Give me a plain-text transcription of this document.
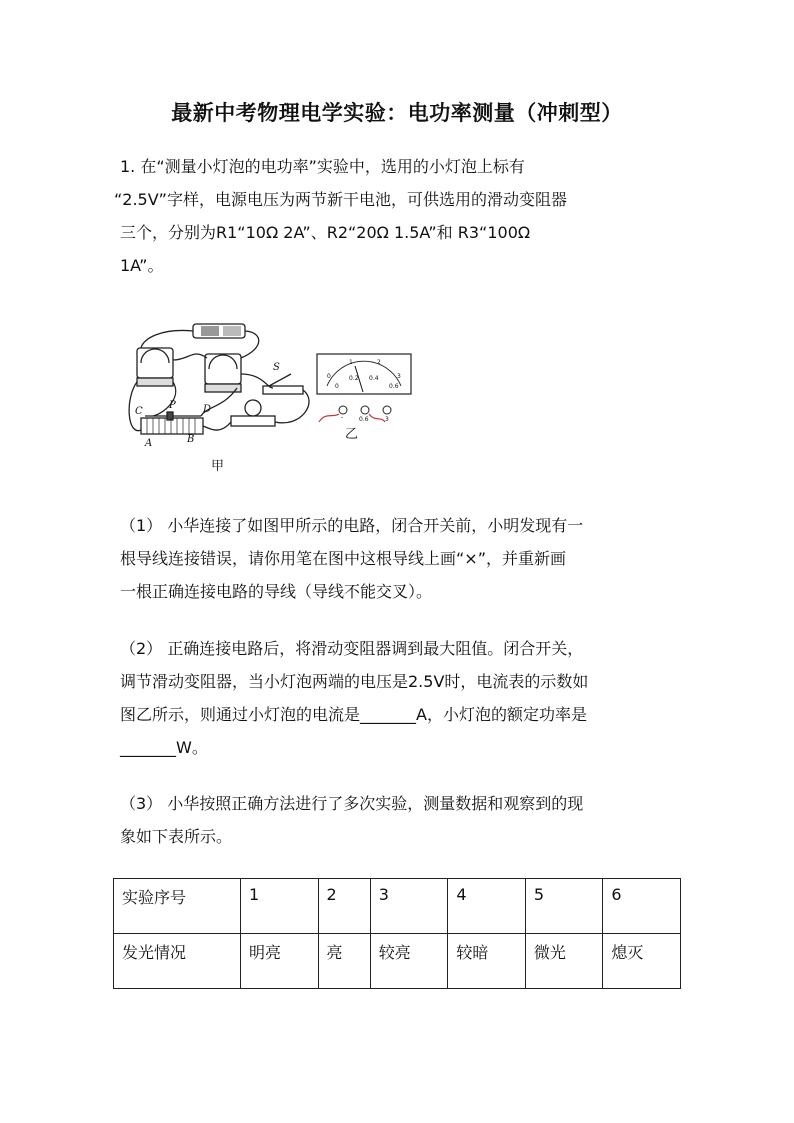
最新中考物理电学实验：电功率测量（冲刺型）
1. 在“测量小灯泡的电功率”实验中，选用的小灯泡上标有
“2.5V”字样，电源电压为两节新干电池，可供选用的滑动变阻器
三个，分别为R1“10Ω 2A”、R2“20Ω 1.5A”和 R3“100Ω
1A”。
S
C
P	D
A	B
甲
0
1	2
3
0
0.2 0.4
0.6
-	0.6	3
乙
（1） 小华连接了如图甲所示的电路，闭合开关前，小明发现有一
根导线连接错误，请你用笔在图中这根导线上画“×”，并重新画
一根正确连接电路的导线（导线不能交叉）。
（2） 正确连接电路后，将滑动变阻器调到最大阻值。闭合开关，
调节滑动变阻器，当小灯泡两端的电压是2.5V时，电流表的示数如
图乙所示，则通过小灯泡的电流是_______A，小灯泡的额定功率是
_______W。
（3） 小华按照正确方法进行了多次实验，测量数据和观察到的现
象如下表所示。
实验序号	1	2	3	4	5	6
发光情况	明亮	亮	较亮	较暗	微光	熄灭
